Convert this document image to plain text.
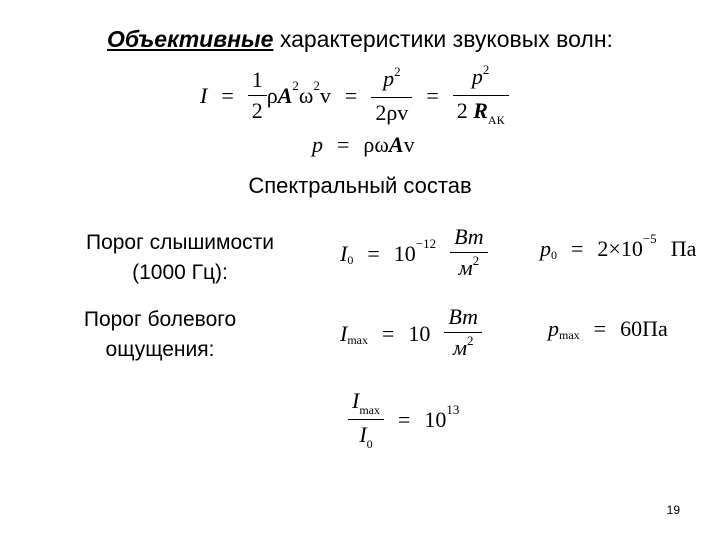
Объективные характеристики звуковых волн:
$I = \frac{1}{2}$ ρ A 2 ω 2 $v = \frac{p^2}{2\rho v} = \frac{p^2}{2 R_{АК}}$
p = ρω A v
Спектральный состав
Порог слышимости
(1000 Гц):
I $0 = 10 -12 \frac{Вт}{м^2}$ p 0 = 2 × 10 −5 Па
Порог болевого
ощущения:
I $\max = 10 \frac{Вт}{м^2}$	p max = 60 Па
$\frac{I_{max}}{I_0} = 10$ 13
19
